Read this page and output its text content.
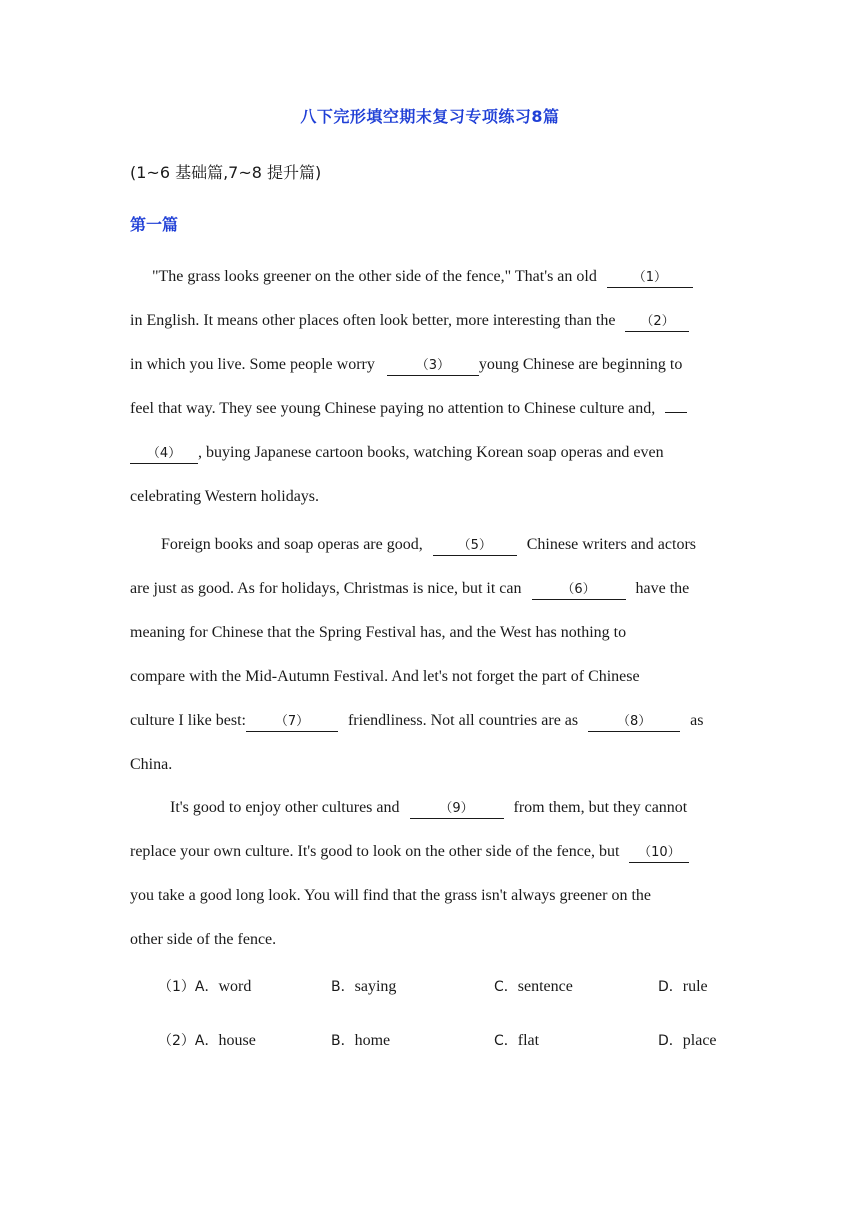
八下完形填空期末复习专项练习8篇
(1~6 基础篇,7~8 提升篇)
第一篇
"The grass looks greener on the other side of the fence," That's an old	（1）
in English. It means other places often look better, more interesting than the （2）
in which you live. Some people worry	（3） young Chinese are beginning to
feel that way. They see young Chinese paying no attention to Chinese culture and,
（4） , buying Japanese cartoon books, watching Korean soap operas and even
celebrating Western holidays.
Foreign books and soap operas are good,	（5） Chinese writers and actors
are just as good. As for holidays, Christmas is nice, but it can	（6） have the
meaning for Chinese that the Spring Festival has, and the West has nothing to
compare with the Mid-Autumn Festival. And let's not forget the part of Chinese
culture I like best: （7） friendliness. Not all countries are as	（8） as
China.
It's good to enjoy other cultures and	（9） from them, but they cannot
replace your own culture. It's good to look on the other side of the fence, but （10）
you take a good long look. You will find that the grass isn't always greener on the
other side of the fence.
（1）A．word	B．saying	C．sentence	D．rule
（2）A．house	B．home	C．flat	D．place
